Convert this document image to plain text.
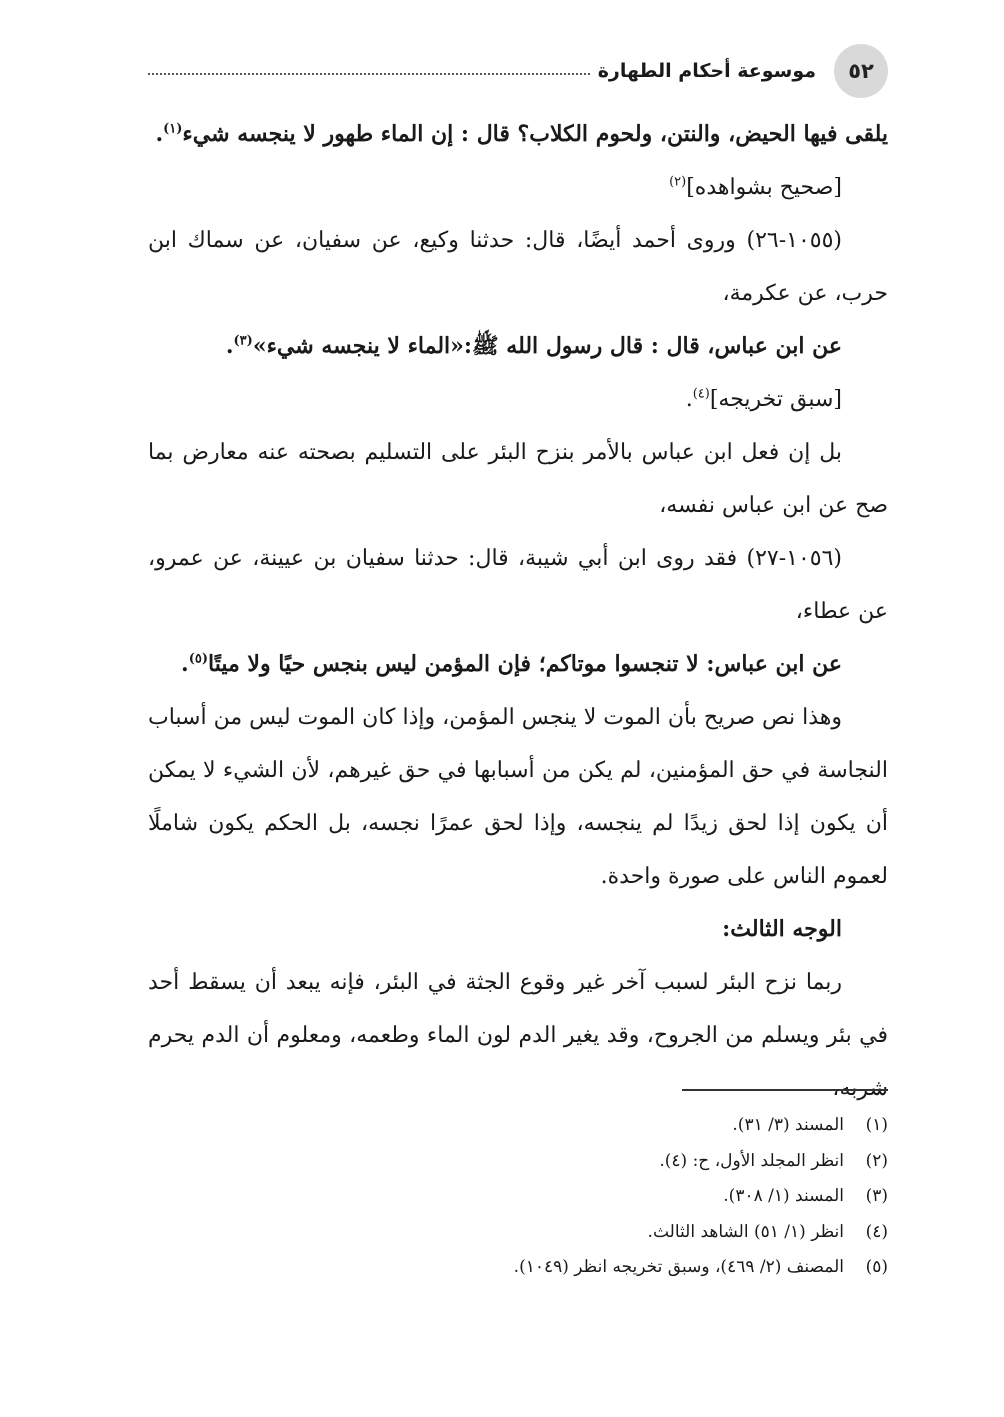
٥٢
موسوعة أحكام الطهارة

يلقى فيها الحيض، والنتن، ولحوم الكلاب؟ قال : إن الماء طهور لا ينجسه شيء$^{(١)}$.

[صحيح بشواهده]$^{(٢)}$

(١٠٥٥-٢٦) وروى أحمد أيضًا، قال: حدثنا وكيع، عن سفيان، عن سماك ابن حرب، عن عكرمة،

عن ابن عباس، قال : قال رسول الله ﷺ:«الماء لا ينجسه شيء»$^{(٣)}$.

[سبق تخريجه]$^{(٤)}$.

بل إن فعل ابن عباس بالأمر بنزح البئر على التسليم بصحته عنه معارض بما صح عن ابن عباس نفسه،

(١٠٥٦-٢٧) فقد روى ابن أبي شيبة، قال: حدثنا سفيان بن عيينة، عن عمرو، عن عطاء،

عن ابن عباس: لا تنجسوا موتاكم؛ فإن المؤمن ليس بنجس حيًا ولا ميتًا$^{(٥)}$.

وهذا نص صريح بأن الموت لا ينجس المؤمن، وإذا كان الموت ليس من أسباب النجاسة في حق المؤمنين، لم يكن من أسبابها في حق غيرهم، لأن الشيء لا يمكن أن يكون إذا لحق زيدًا لم ينجسه، وإذا لحق عمرًا نجسه، بل الحكم يكون شاملًا لعموم الناس على صورة واحدة.

الوجه الثالث:

ربما نزح البئر لسبب آخر غير وقوع الجثة في البئر، فإنه يبعد أن يسقط أحد في بئر ويسلم من الجروح، وقد يغير الدم لون الماء وطعمه، ومعلوم أن الدم يحرم شربه،

(١)
المسند (٣/ ٣١).
(٢)
انظر المجلد الأول، ح: (٤).
(٣)
المسند (١/ ٣٠٨).
(٤)
انظر (١/ ٥١) الشاهد الثالث.
(٥)
المصنف (٢/ ٤٦٩)، وسبق تخريجه انظر (١٠٤٩).
